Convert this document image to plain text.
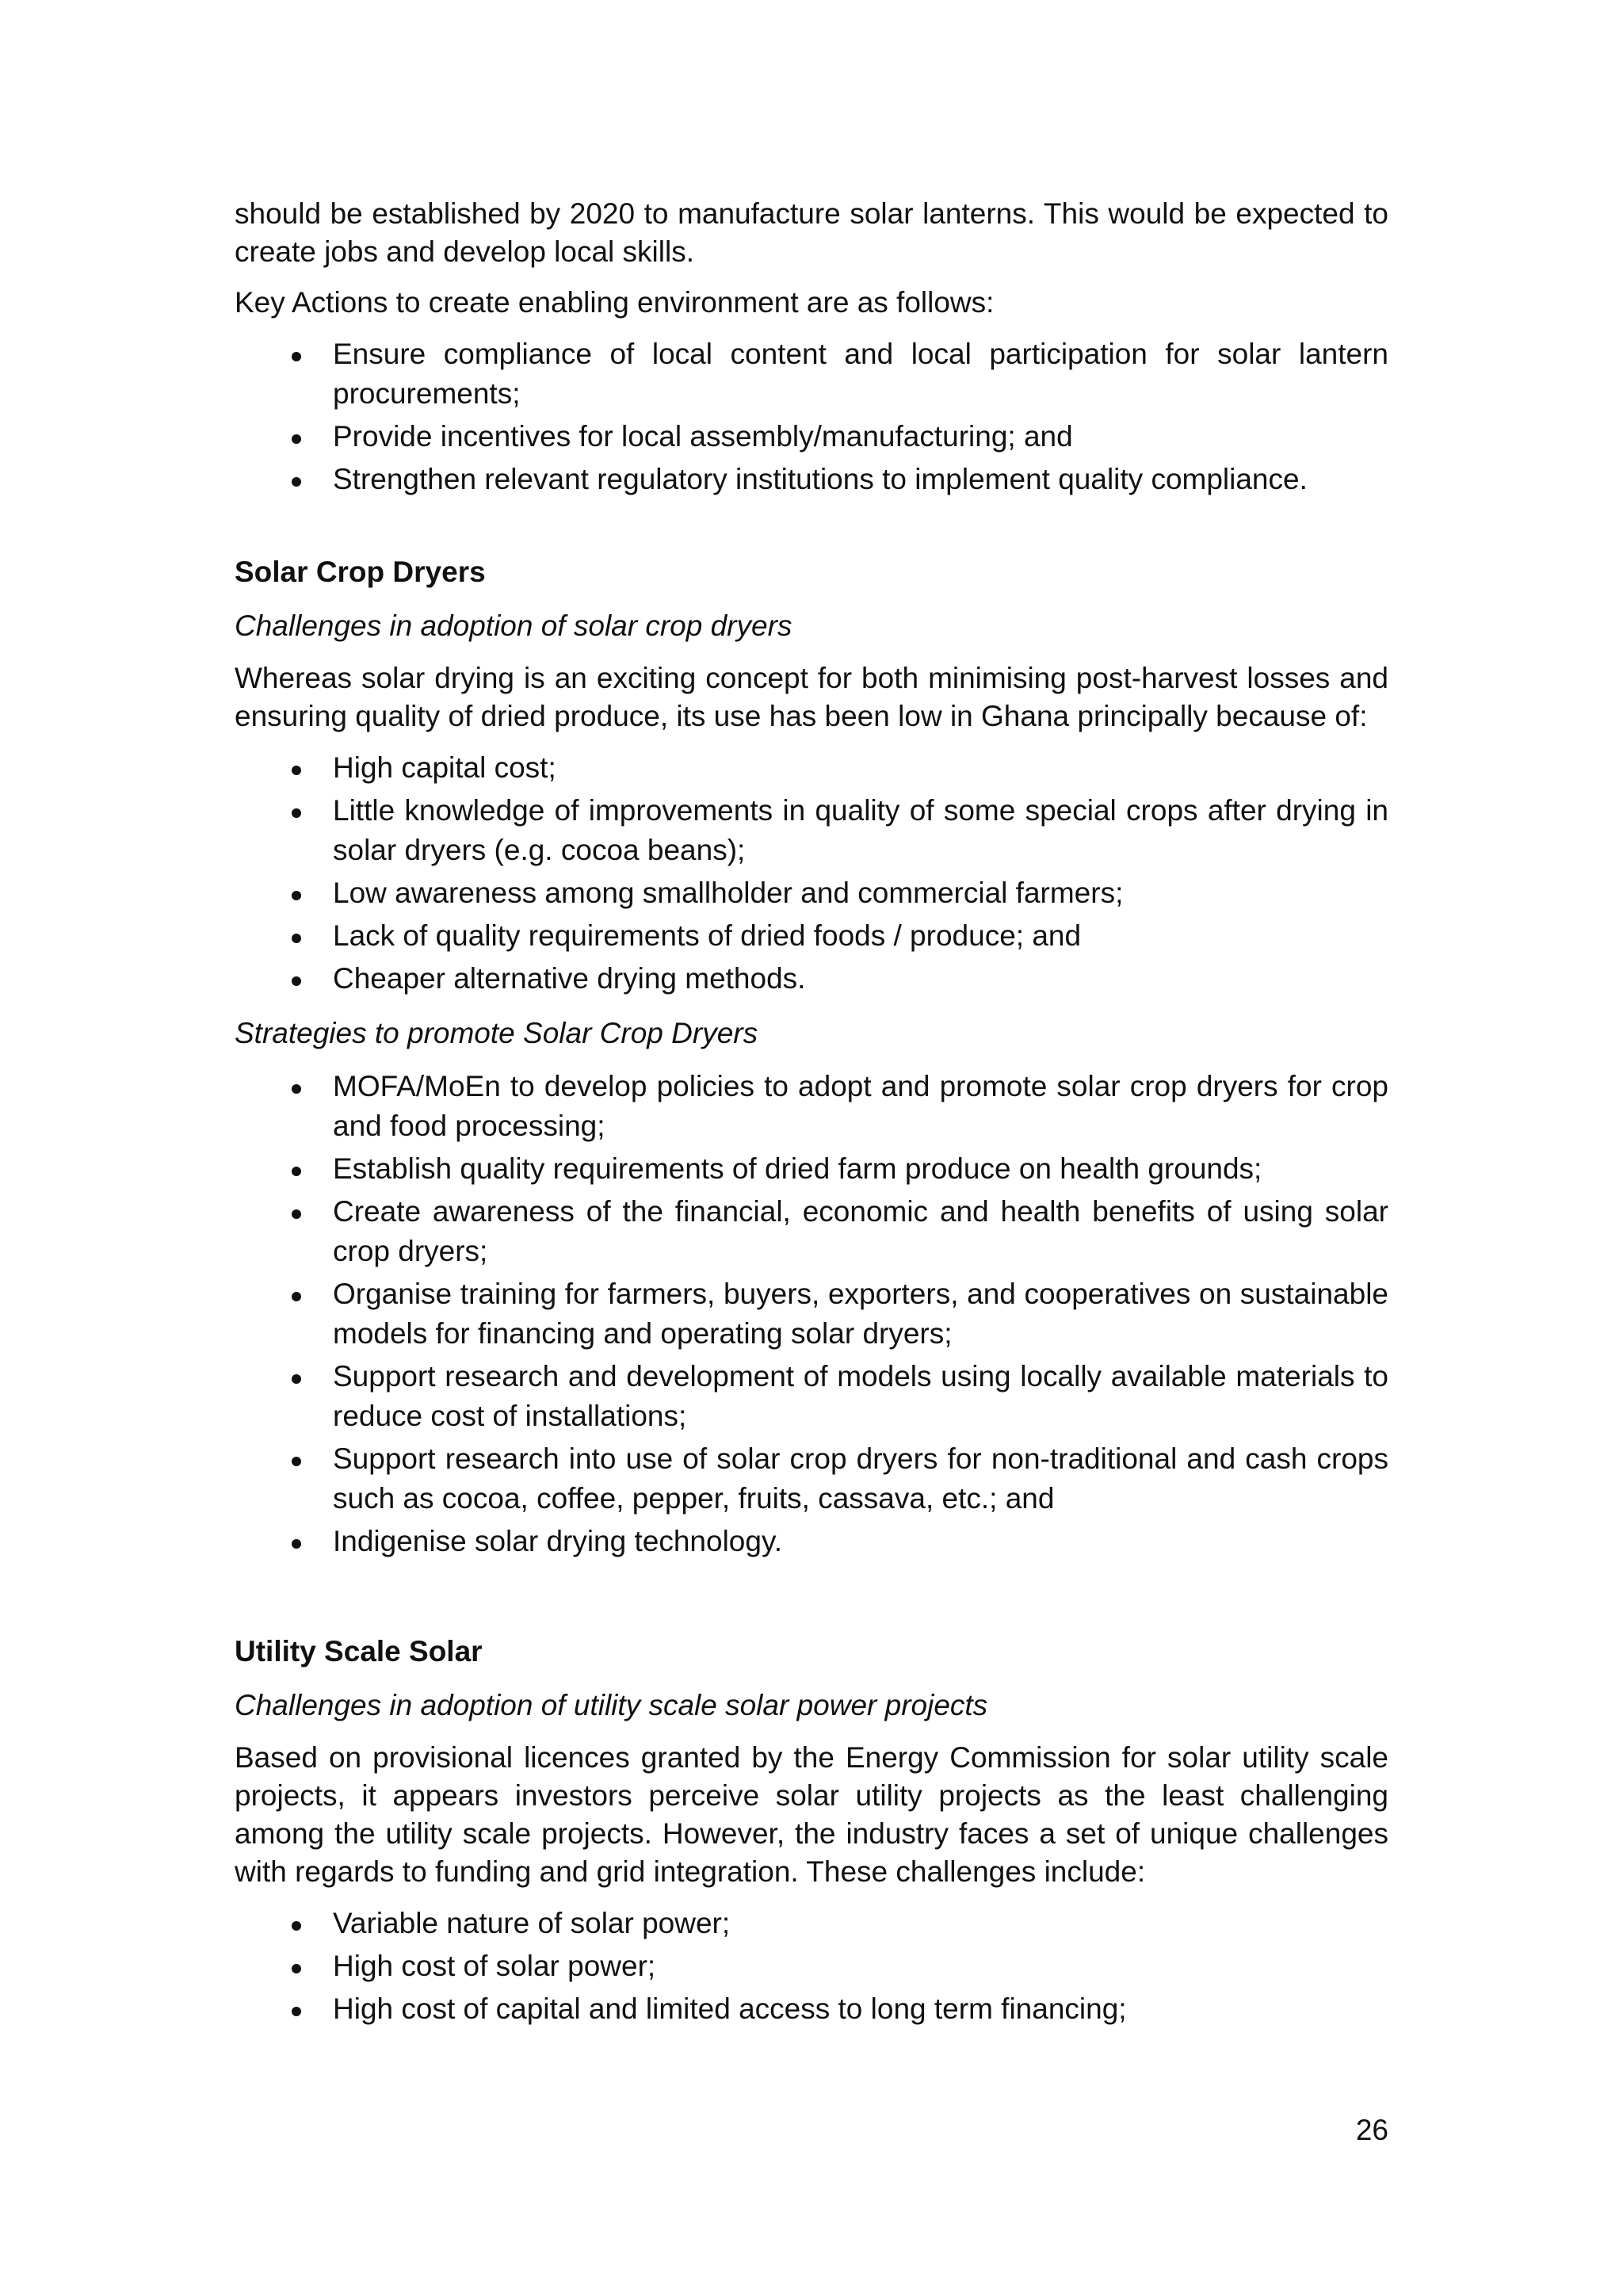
should be established by 2020 to manufacture solar lanterns. This would be expected to create jobs and develop local skills.

Key Actions to create enabling environment are as follows:

Ensure compliance of local content and local participation for solar lantern procurements;
Provide incentives for local assembly/manufacturing; and
Strengthen relevant regulatory institutions to implement quality compliance.

Solar Crop Dryers

Challenges in adoption of solar crop dryers

Whereas solar drying is an exciting concept for both minimising post-harvest losses and ensuring quality of dried produce, its use has been low in Ghana principally because of:

High capital cost;
Little knowledge of improvements in quality of some special crops after drying in solar dryers (e.g. cocoa beans);
Low awareness among smallholder and commercial farmers;
Lack of quality requirements of dried foods / produce; and
Cheaper alternative drying methods.

Strategies to promote Solar Crop Dryers

MOFA/MoEn to develop policies to adopt and promote solar crop dryers for crop and food processing;
Establish quality requirements of dried farm produce on health grounds;
Create awareness of the financial, economic and health benefits of using solar crop dryers;
Organise training for farmers, buyers, exporters, and cooperatives on sustainable models for financing and operating solar dryers;
Support research and development of models using locally available materials to reduce cost of installations;
Support research into use of solar crop dryers for non-traditional and cash crops such as cocoa, coffee, pepper, fruits, cassava, etc.; and
Indigenise solar drying technology.

Utility Scale Solar

Challenges in adoption of utility scale solar power projects

Based on provisional licences granted by the Energy Commission for solar utility scale projects, it appears investors perceive solar utility projects as the least challenging among the utility scale projects. However, the industry faces a set of unique challenges with regards to funding and grid integration. These challenges include:

Variable nature of solar power;
High cost of solar power;
High cost of capital and limited access to long term financing;
26
